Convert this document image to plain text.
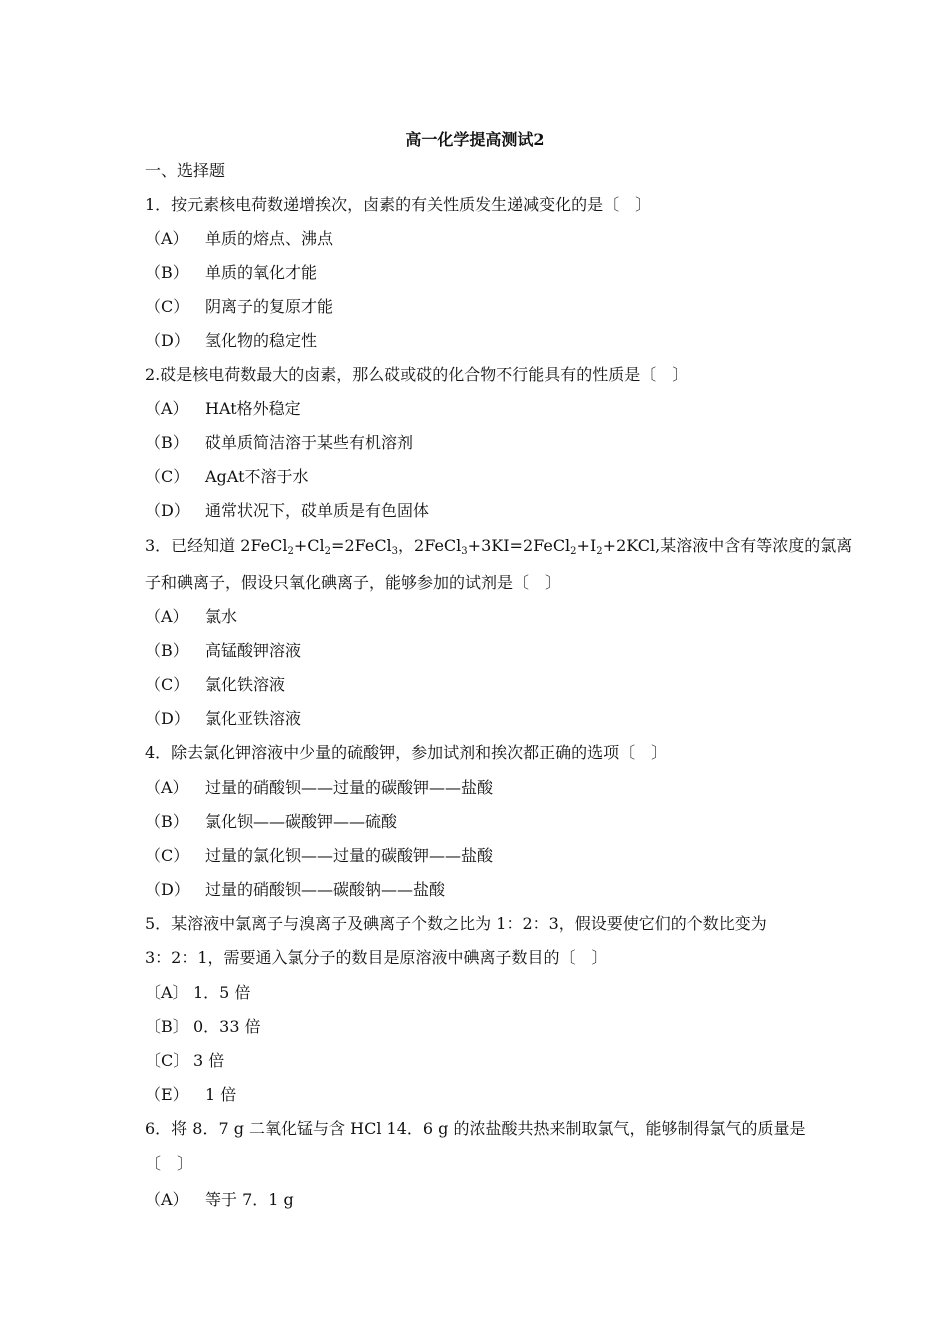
高一化学提高测试2
一、选择题
1．按元素核电荷数递增挨次，卤素的有关性质发生递减变化的是〔　〕
（A） 单质的熔点、沸点
（B） 单质的氧化才能
（C） 阴离子的复原才能
（D） 氢化物的稳定性
2.砹是核电荷数最大的卤素，那么砹或砹的化合物不行能具有的性质是〔　〕
（A） HAt格外稳定
（B） 砹单质简洁溶于某些有机溶剂
（C） AgAt不溶于水
（D） 通常状况下，砹单质是有色固体
3．已经知道 $2FeCl_2+Cl_2=2FeCl_3$，$2FeCl_3+3KI=2FeCl_2+I_2+2KCl$,某溶液中含有等浓度的氯离
子和碘离子，假设只氧化碘离子，能够参加的试剂是〔　〕
（A） 氯水
（B） 高锰酸钾溶液
（C） 氯化铁溶液
（D） 氯化亚铁溶液
4．除去氯化钾溶液中少量的硫酸钾，参加试剂和挨次都正确的选项〔　〕
（A） 过量的硝酸钡——过量的碳酸钾——盐酸
（B） 氯化钡——碳酸钾——硫酸
（C） 过量的氯化钡——过量的碳酸钾——盐酸
（D） 过量的硝酸钡——碳酸钠——盐酸
5．某溶液中氯离子与溴离子及碘离子个数之比为 1：2：3，假设要使它们的个数比变为
3：2：1，需要通入氯分子的数目是原溶液中碘离子数目的〔　〕
〔A〕 1．5 倍
〔B〕 0．33 倍
〔C〕 3 倍
（E） 1 倍
6．将 8．7 g 二氧化锰与含 HCl 14．6 g 的浓盐酸共热来制取氯气，能够制得氯气的质量是
〔　〕
（A） 等于 7．1 g
